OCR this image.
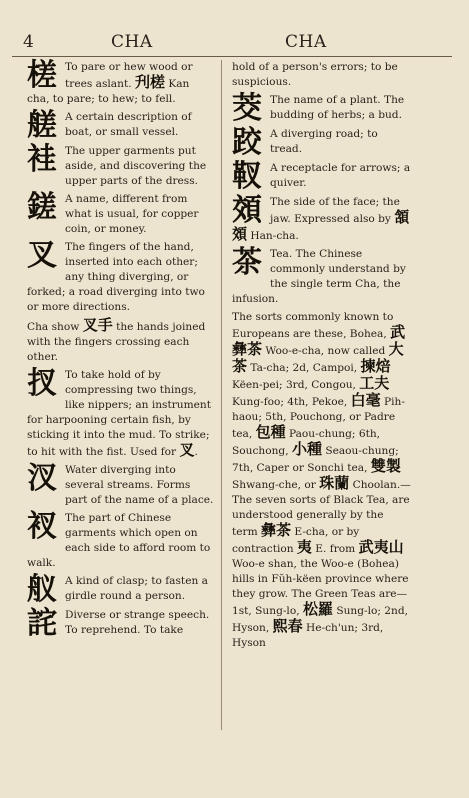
4	CHA	CHA
槎 To pare or hew wood or trees aslant. 刋槎 Kan cha, to pare; to hew; to fell.
艖 A certain description of boat, or small vessel.
袿 The upper garments put aside, and discovering the upper parts of the dress.
鎈 A name, different from what is usual, for copper coin, or money.
叉 The fingers of the hand, inserted into each other; any thing diverging, or forked; a road diverging into two or more directions.
Cha show 叉手 the hands joined with the fingers crossing each other.
扠 To take hold of by compressing two things, like nippers; an instrument for harpooning certain fish, by sticking it into the mud. To strike; to hit with the fist. Used for 叉.
汊 Water diverging into several streams. Forms part of the name of a place.
衩 The part of Chinese garments which open on each side to afford room to walk.
舣 A kind of clasp; to fasten a girdle round a person.
詫 Diverse or strange speech. To reprehend. To take
hold of a person's errors; to be suspicious.
茭 The name of a plant. The budding of herbs; a bud.
跤 A diverging road; to tread.
靫 A receptacle for arrows; a quiver.
頝 The side of the face; the jaw. Expressed also by 頷頝 Han-cha.
茶 Tea. The Chinese commonly understand by the single term Cha, the infusion.

The sorts commonly known to Europeans are these, Bohea, 武彝茶 Woo-e-cha, now called 大茶 Ta-cha; 2d, Campoi, 揀焙 Këen-pei; 3rd, Congou, 工夫 Kung-foo; 4th, Pekoe, 白毫 Pih-haou; 5th, Pouchong, or Padre tea, 包種 Paou-chung; 6th, Souchong, 小種 Seaou-chung; 7th, Caper or Sonchi tea, 雙製 Shwang-che, or 珠蘭 Choolan.—The seven sorts of Black Tea, are understood generally by the term 彝茶 E-cha, or by contraction 夷 E. from 武夷山 Woo-e shan, the Woo-e (Bohea) hills in Fŭh-këen province where they grow. The Green Teas are—1st, Sung-lo, 松羅 Sung-lo; 2nd, Hyson, 熙春 He-ch'un; 3rd, Hyson
